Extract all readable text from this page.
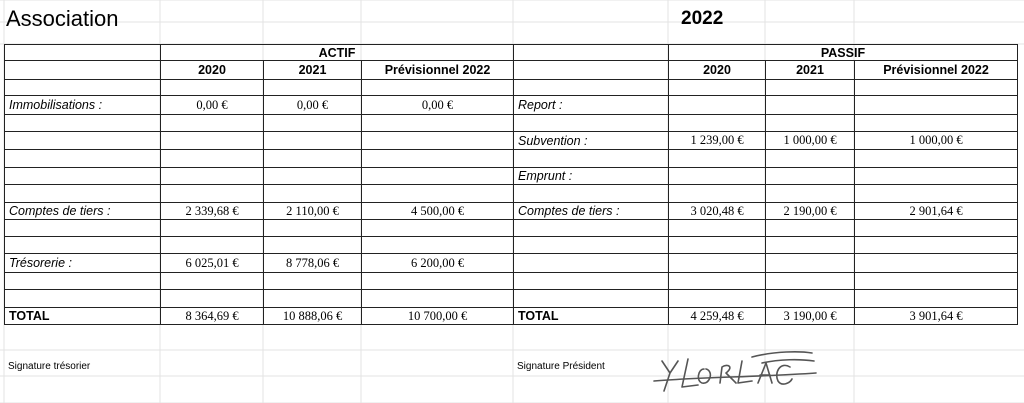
Association	2022
	ACTIF				PASSIF		
	2020	2021	Prévisionnel 2022		2020	2021	Prévisionnel 2022

Immobilisations :	0,00 €	0,00 €	0,00 €	Report :			

				Subvention :	1 239,00 €	1 000,00 €	1 000,00 €

				Emprunt :			

Comptes de tiers :	2 339,68 €	2 110,00 €	4 500,00 €	Comptes de tiers :	3 020,48 €	2 190,00 €	2 901,64 €

Trésorerie :	6 025,01 €	8 778,06 €	6 200,00 €				

TOTAL	8 364,69 €	10 888,06 €	10 700,00 €	TOTAL	4 259,48 €	3 190,00 €	3 901,64 €
Signature trésorier	Signature Président
